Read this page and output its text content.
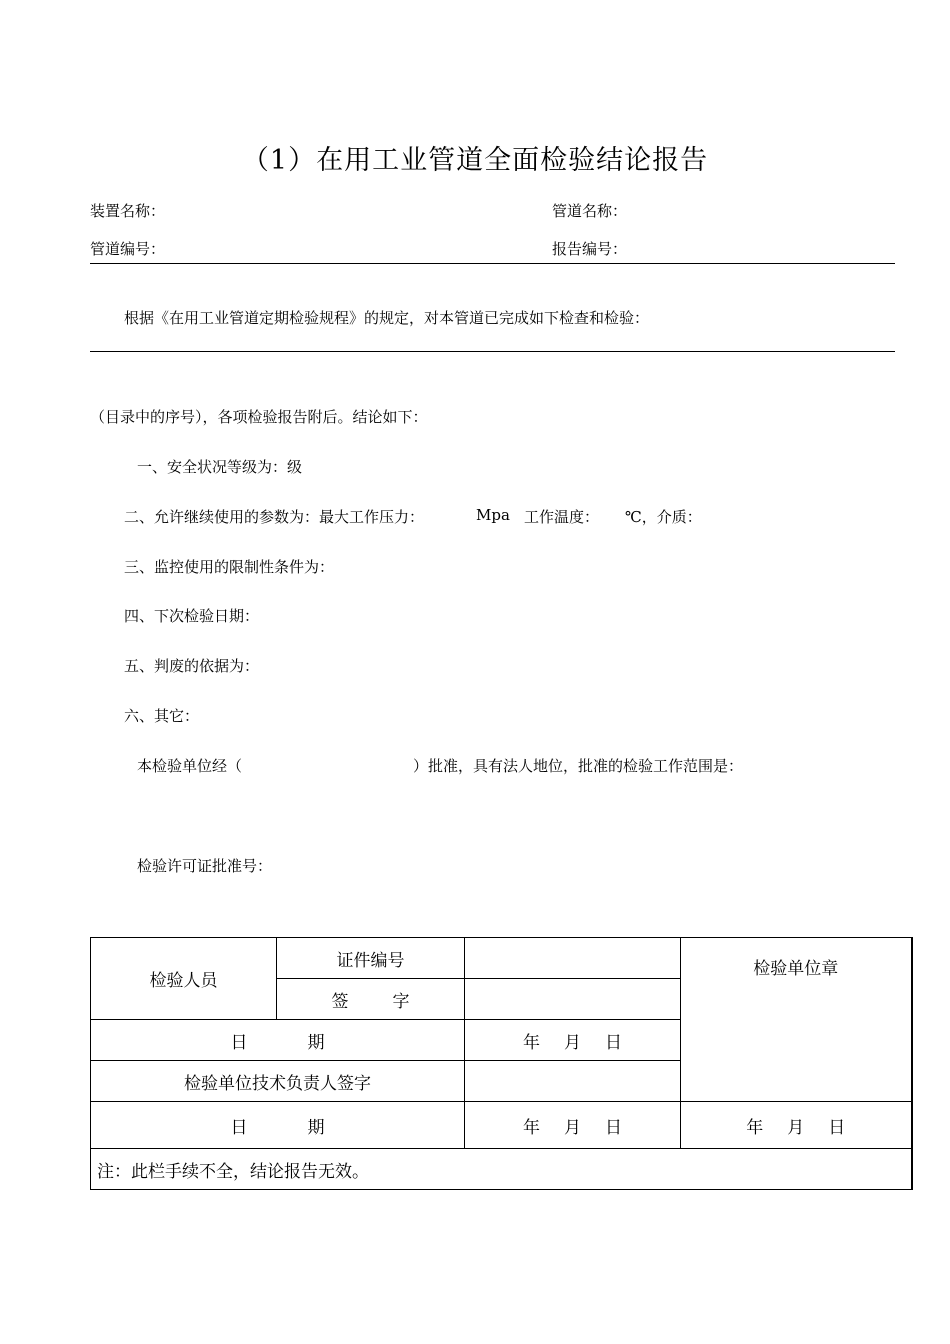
（1）在用工业管道全面检验结论报告
装置名称：	管道名称：
管道编号：	报告编号：
根据《在用工业管道定期检验规程》的规定，对本管道已完成如下检查和检验：
（目录中的序号），各项检验报告附后。结论如下：
一、安全状况等级为：级
二、允许继续使用的参数为：最大工作压力：	Mpa 工作温度： ℃，介质：
三、监控使用的限制性条件为：
四、下次检验日期：
五、判废的依据为：
六、其它：
本检验单位经（	）批准，具有法人地位，批准的检验工作范围是：
检验许可证批准号：
检验人员	证件编号		检验单位章
	签 字		
日 期		年 月 日	
检验单位技术负责人签字			
日 期		年 月 日	年 月 日
注：此栏手续不全，结论报告无效。			
